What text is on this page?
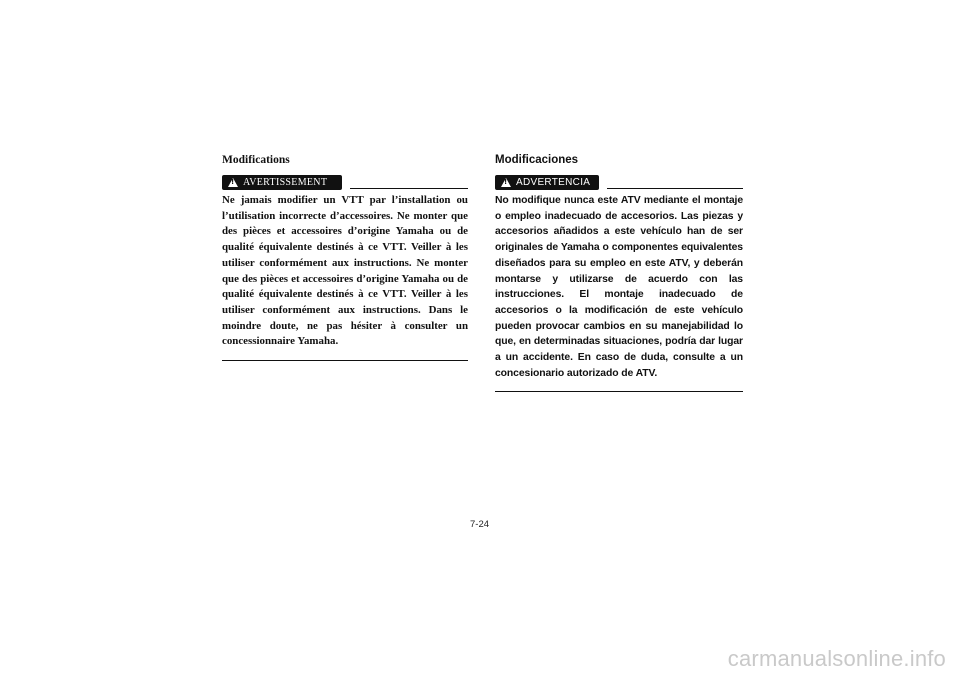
Modifications
!
AVERTISSEMENT

Ne jamais modifier un VTT par l’installation ou l’utilisation incorrecte d’accessoires. Ne monter que des pièces et accessoires d’origine Yamaha ou de qualité équivalente destinés à ce VTT. Veiller à les utiliser conformément aux instructions. Ne monter que des pièces et accessoires d’origine Yamaha ou de qualité équivalente destinés à ce VTT. Veiller à les utiliser conformément aux instructions. Dans le moindre doute, ne pas hésiter à consulter un concessionnaire Yamaha.

Modificaciones
!
ADVERTENCIA

No modifique nunca este ATV mediante el montaje o empleo inadecuado de accesorios. Las piezas y accesorios añadidos a este vehículo han de ser originales de Yamaha o componentes equivalentes diseñados para su empleo en este ATV, y deberán montarse y utilizarse de acuerdo con las instrucciones. El montaje inadecuado de accesorios o la modificación de este vehículo pueden provocar cambios en su manejabilidad lo que, en determinadas situaciones, podría dar lugar a un accidente. En caso de duda, consulte a un concesionario autorizado de ATV.

7-24
carmanualsonline.info
